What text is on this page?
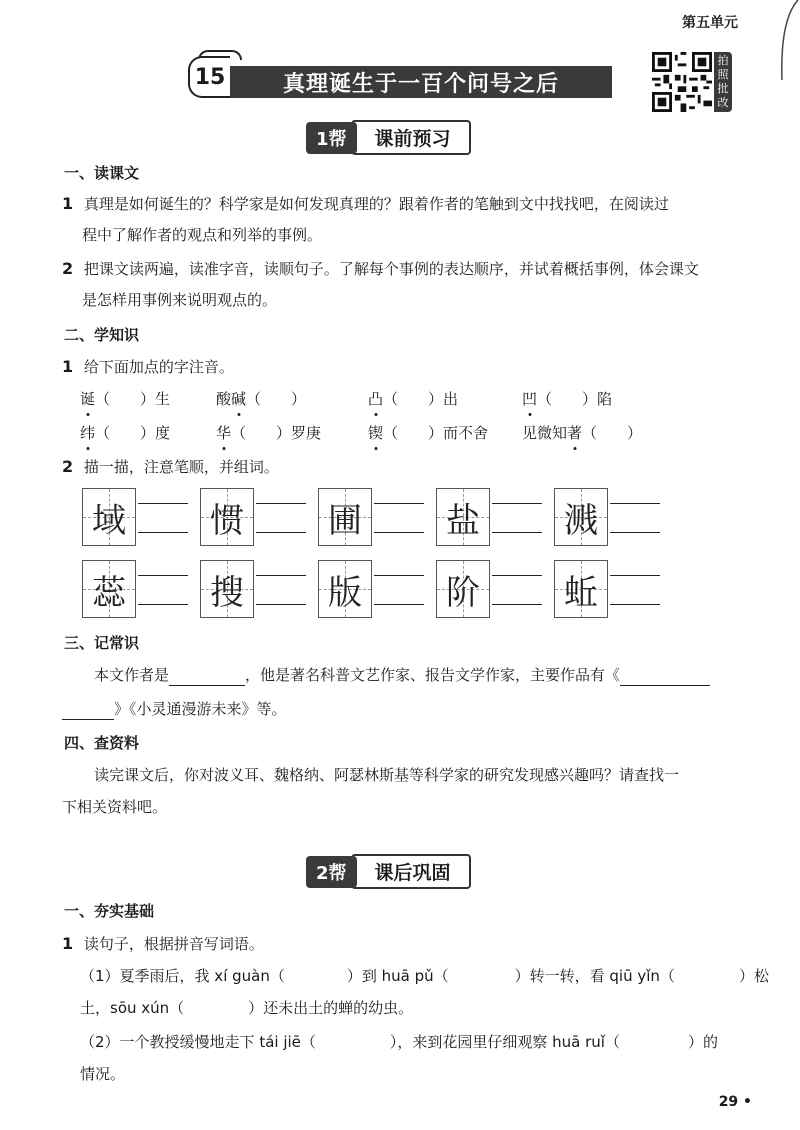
第五单元
15	真理诞生于一百个问号之后
拍照批改
1帮	课前预习
一、读课文
1 真理是如何诞生的？科学家是如何发现真理的？跟着作者的笔触到文中找找吧，在阅读过
程中了解作者的观点和列举的事例。
2 把课文读两遍，读准字音，读顺句子。了解每个事例的表达顺序，并试着概括事例，体会课文
是怎样用事例来说明观点的。
二、学知识
1 给下面加点的字注音。
诞（　　）生	酸碱（　　）	凸（　　）出	凹（　　）陷
纬（　　）度	华（　　）罗庚	锲（　　）而不舍 见微知著（　　）
2 描一描，注意笔顺，并组词。
域 惯 圃 盐 溅
蕊 搜 版 阶 蚯
三、记常识
本文作者是	，他是著名科普文艺作家、报告文学作家，主要作品有《
》《小灵通漫游未来》等。
四、查资料
读完课文后，你对波义耳、魏格纳、阿瑟林斯基等科学家的研究发现感兴趣吗？请查找一
下相关资料吧。
2帮	课后巩固
一、夯实基础
1 读句子，根据拼音写词语。
（1）夏季雨后，我 xí guàn（	）到 huā pǔ（	）转一转，看 qiū yǐn（	）松
土，sōu xún（	）还未出土的蝉的幼虫。
（2）一个教授缓慢地走下 tái jiē（	），来到花园里仔细观察 huā ruǐ（	）的
情况。
29 •
